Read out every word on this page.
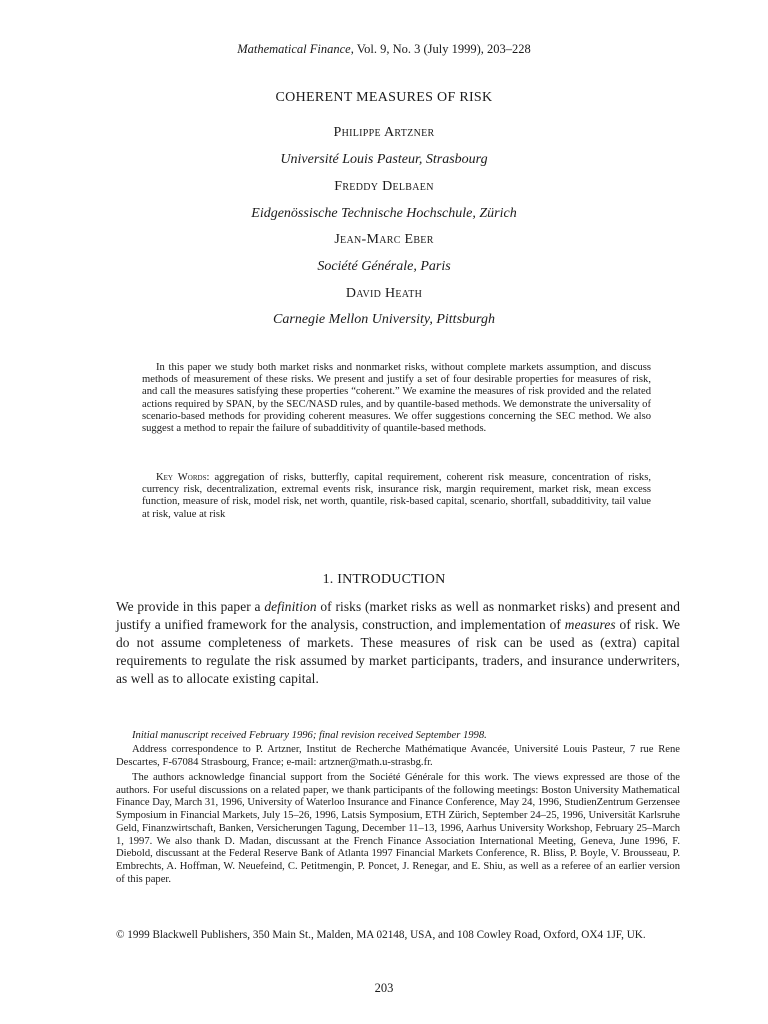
Mathematical Finance, Vol. 9, No. 3 (July 1999), 203–228
COHERENT MEASURES OF RISK
Philippe Artzner
Université Louis Pasteur, Strasbourg
Freddy Delbaen
Eidgenössische Technische Hochschule, Zürich
Jean-Marc Eber
Société Générale, Paris
David Heath
Carnegie Mellon University, Pittsburgh

In this paper we study both market risks and nonmarket risks, without complete markets assumption, and discuss methods of measurement of these risks. We present and justify a set of four desirable properties for measures of risk, and call the measures satisfying these properties “coherent.” We examine the measures of risk provided and the related actions required by SPAN, by the SEC/NASD rules, and by quantile-based methods. We demonstrate the universality of scenario-based methods for providing coherent measures. We offer suggestions concerning the SEC method. We also suggest a method to repair the failure of subadditivity of quantile-based methods.

Key Words: aggregation of risks, butterfly, capital requirement, coherent risk measure, concentration of risks, currency risk, decentralization, extremal events risk, insurance risk, margin requirement, market risk, mean excess function, measure of risk, model risk, net worth, quantile, risk-based capital, scenario, shortfall, subadditivity, tail value at risk, value at risk

1. INTRODUCTION

We provide in this paper a definition of risks (market risks as well as nonmarket risks) and present and justify a unified framework for the analysis, construction, and implementation of measures of risk. We do not assume completeness of markets. These measures of risk can be used as (extra) capital requirements to regulate the risk assumed by market participants, traders, and insurance underwriters, as well as to allocate existing capital.

Initial manuscript received February 1996; final revision received September 1998.

Address correspondence to P. Artzner, Institut de Recherche Mathématique Avancée, Université Louis Pasteur, 7 rue Rene Descartes, F-67084 Strasbourg, France; e-mail: artzner@math.u-strasbg.fr.

The authors acknowledge financial support from the Société Générale for this work. The views expressed are those of the authors. For useful discussions on a related paper, we thank participants of the following meetings: Boston University Mathematical Finance Day, March 31, 1996, University of Waterloo Insurance and Finance Conference, May 24, 1996, StudienZentrum Gerzensee Symposium in Financial Markets, July 15–26, 1996, Latsis Symposium, ETH Zürich, September 24–25, 1996, Universität Karlsruhe Geld, Finanzwirtschaft, Banken, Versicherungen Tagung, December 11–13, 1996, Aarhus University Workshop, February 25–March 1, 1997. We also thank D. Madan, discussant at the French Finance Association International Meeting, Geneva, June 1996, F. Diebold, discussant at the Federal Reserve Bank of Atlanta 1997 Financial Markets Conference, R. Bliss, P. Boyle, V. Brousseau, P. Embrechts, A. Hoffman, W. Neuefeind, C. Petitmengin, P. Poncet, J. Renegar, and E. Shiu, as well as a referee of an earlier version of this paper.

© 1999 Blackwell Publishers, 350 Main St., Malden, MA 02148, USA, and 108 Cowley Road, Oxford, OX4 1JF, UK.

203
